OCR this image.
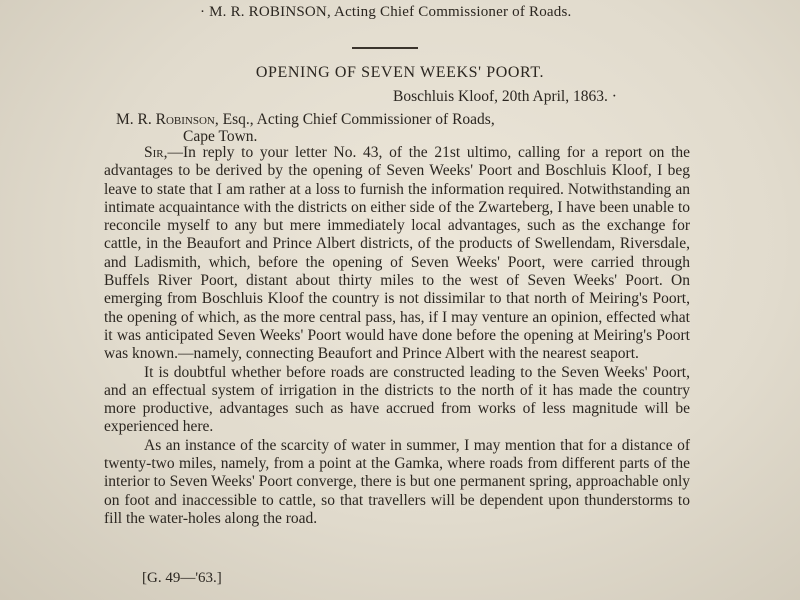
· M. R. ROBINSON, Acting Chief Commissioner of Roads.
OPENING OF SEVEN WEEKS' POORT.
Boschluis Kloof, 20th April, 1863. ·
M. R. Robinson, Esq., Acting Chief Commissioner of Roads,
Cape Town.

Sir,—In reply to your letter No. 43, of the 21st ultimo, calling for a report on the advantages to be derived by the opening of Seven Weeks' Poort and Boschluis Kloof, I beg leave to state that I am rather at a loss to furnish the information required. Notwithstanding an intimate acquaintance with the districts on either side of the Zwarteberg, I have been unable to reconcile myself to any but mere immediately local advantages, such as the exchange for cattle, in the Beaufort and Prince Albert districts, of the products of Swellendam, Riversdale, and Ladismith, which, before the opening of Seven Weeks' Poort, were carried through Buffels River Poort, distant about thirty miles to the west of Seven Weeks' Poort. On emerging from Boschluis Kloof the country is not dissimilar to that north of Meiring's Poort, the opening of which, as the more central pass, has, if I may venture an opinion, effected what it was anticipated Seven Weeks' Poort would have done before the opening at Meiring's Poort was known.—namely, connecting Beaufort and Prince Albert with the nearest seaport.

It is doubtful whether before roads are constructed leading to the Seven Weeks' Poort, and an effectual system of irrigation in the districts to the north of it has made the country more productive, advantages such as have accrued from works of less magnitude will be experienced here.

As an instance of the scarcity of water in summer, I may mention that for a distance of twenty-two miles, namely, from a point at the Gamka, where roads from different parts of the interior to Seven Weeks' Poort converge, there is but one permanent spring, approachable only on foot and inaccessible to cattle, so that travellers will be dependent upon thunderstorms to fill the water-holes along the road.

[G. 49—'63.]
